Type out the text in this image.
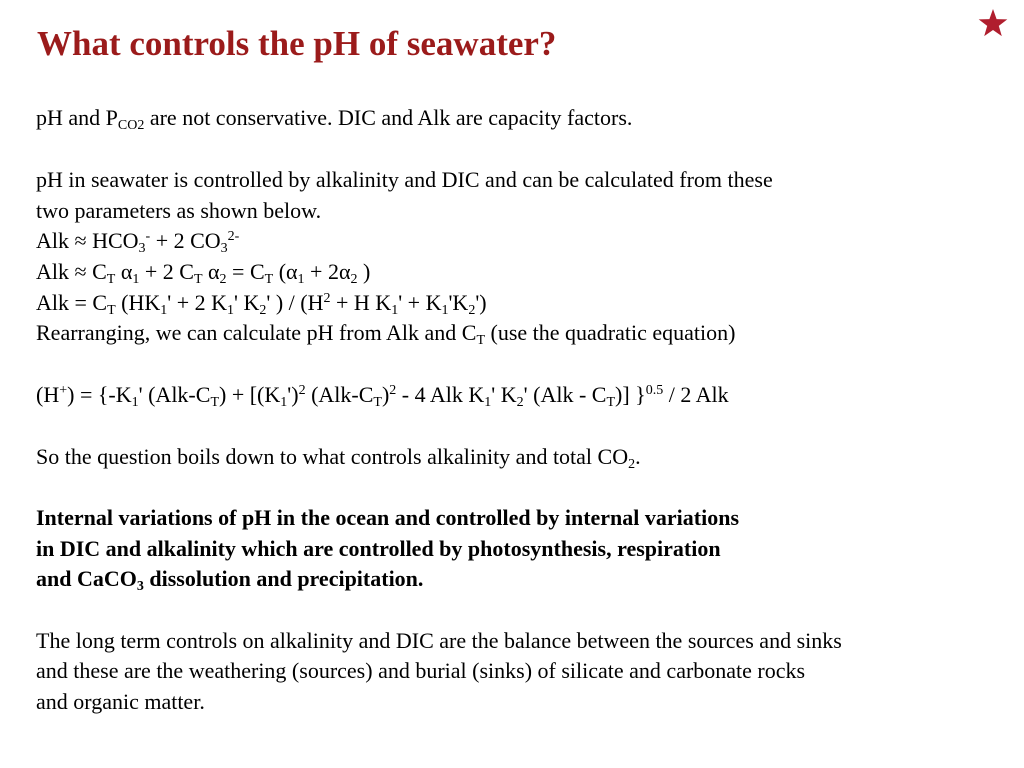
What controls the pH of seawater?
pH and $P_{CO2}$ are not conservative. DIC and Alk are capacity factors.
pH in seawater is controlled by alkalinity and DIC and can be calculated from these
two parameters as shown below.
Alk ≈ $HCO_3^- + 2$ $CO_3^{2-}$
Alk ≈ $C_T$ $\alpha_1 + 2$ $C_T$ $\alpha_2 = C_T$ ($\alpha_1 + 2\alpha_2$ )
Alk = $C_T$ ($HK_1' + 2$ $K_1'$ $K_2'$ ) / ($H^2 + H$ $K_1' + K_1'K_2'$)
Rearranging, we can calculate pH from Alk and $C_T$ (use the quadratic equation)
$(H^+) = \{-K_1'$ $(Alk-C_T) + [(K_1')^2$ $(Alk-C_T)^2 - 4$ Alk $K_1'$ $K_2'$ $(Alk - C_T)$] }$^{0.5}$ / 2 Alk
So the question boils down to what controls alkalinity and total $CO_2$.
Internal variations of pH in the ocean and controlled by internal variations
in DIC and alkalinity which are controlled by photosynthesis, respiration
and CaCO$_3$ dissolution and precipitation.
The long term controls on alkalinity and DIC are the balance between the sources and sinks
and these are the weathering (sources) and burial (sinks) of silicate and carbonate rocks
and organic matter.
